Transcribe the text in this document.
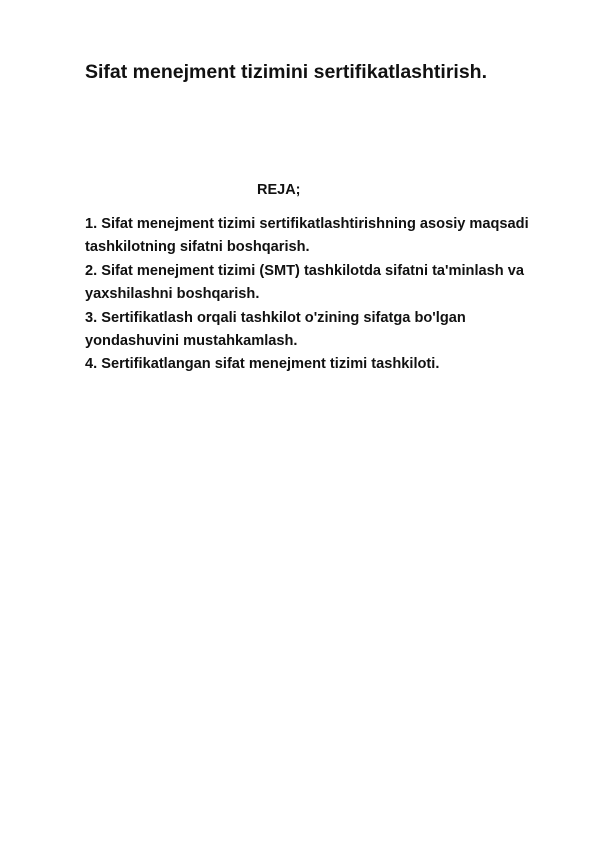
Sifat menejment tizimini sertifikatlashtirish.

REJA;

1. Sifat menejment tizimi sertifikatlashtirishning asosiy maqsadi tashkilotning sifatni boshqarish.
2. Sifat menejment tizimi (SMT) tashkilotda sifatni ta'minlash va yaxshilashni boshqarish.
3. Sertifikatlash orqali tashkilot o'zining sifatga bo'lgan yondashuvini mustahkamlash.
4. Sertifikatlangan sifat menejment tizimi tashkiloti.
